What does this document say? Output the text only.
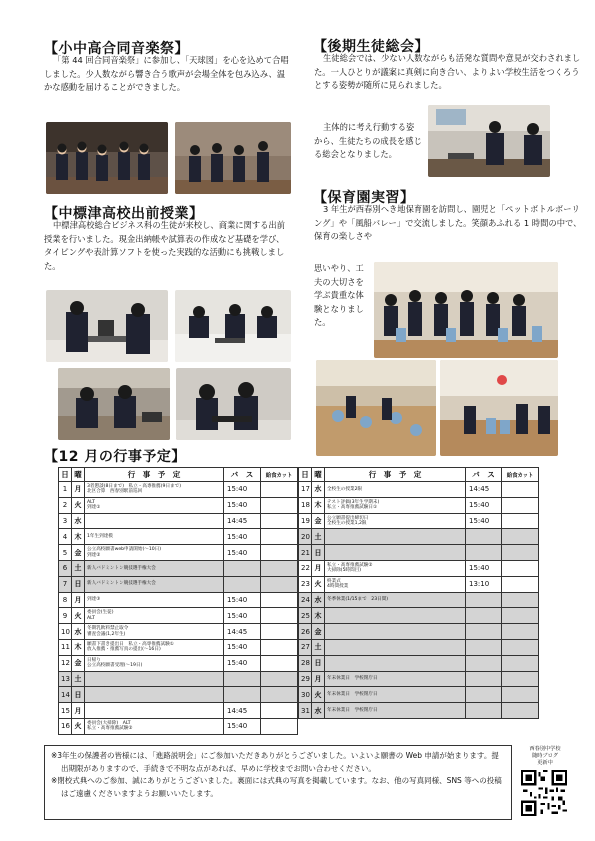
【小中高合同音楽祭】
「第 44 回合同音楽祭」に参加し、「天球図」を心を込めて合唱しました。少人数ながら響き合う歌声が会場全体を包み込み、温かな感動を届けることができました。
【中標津高校出前授業】
中標津高校総合ビジネス科の生徒が来校し、商業に関する出前授業を行いました。現金出納帳や試算表の作成など基礎を学び、タイピングや表計算ソフトを使った実践的な活動にも挑戦しました。
【後期生徒総会】
生徒総会では、少ない人数ながらも活発な質問や意見が交わされました。一人ひとりが議案に真剣に向き合い、よりよい学校生活をつくろうとする姿勢が随所に見られました。
主体的に考え行動する姿から、生徒たちの成長を感じる総会となりました。
【保育園実習】
3 年生が西春別へき地保育園を訪問し、園児と「ペットボトルボーリング」や「風船バレー」で交流しました。笑顔あふれる 1 時間の中で、保育の楽しさや
思いやり、工夫の大切さを学ぶ貴重な体験となりました。
【12 月の行事予定】
日	曜	行　事　予　定	バ　ス	給食カット
1	月	3者懇談(8日まで)　私立・高専推薦(9日まで)
北区合算　西春別駅前巡回	15:40	
2	火	ALT
到達①	15:40	
3	水		14:45	
4	木	1年生到達模	15:40	
5	金	公立高校願書web申請開始(〜10日)
到達②	15:40	
6	土	新人バドミントン競技選手権大会		
7	日	新人バドミントン競技選手権大会		
8	月	到達③	15:40	
9	火	委員会(生徒)
ALT	15:40	
10	水	冬期乳飲料禁止取令
審査会議(1,2年生)	14:45	
11	木	願書下書き提出日　私立・高専推薦試験①
放入推薦・推薦写真の提出(〜16日)	15:40	
12	金	日帰り
公立高校願書受理(〜19日)	15:40	
13	土			
14	日			
15	月		14:45	
16	火	委員会(大掃除)　ALT
私立・高専推薦試験②	15:40	
日	曜	行　事　予　定	バ　ス	給食カット
17	水	全校生の授業2限	14:45	
18	木	テスト評価(3年生学期末)
私立・高専推薦試験日①	15:40	
19	金	公立願書提出締切日
全校生の授業1,2限	15:40	
20	土			
21	日			
22	月	私立・高専推薦試験②
大掃除(5時間目)	15:40	
23	火	終業式
4時間授業	13:10	
24	水	冬季休業(1/15まで　23日間)		
25	木			
26	金			
27	土			
28	日			
29	月	年末休業日　学校閉庁日		
30	火	年末休業日　学校閉庁日		
31	水	年末休業日　学校閉庁日		

※3年生の保護者の皆様には、「進路説明会」にご参加いただきありがとうございました。いよいよ願書の Web 申請が始まります。提出期限がありますので、手続きで不明な点があれば、早めに学校までお問い合わせください。

※閉校式典へのご参加、誠にありがとうございました。裏面には式典の写真を掲載しています。なお、他の写真同様、SNS 等への投稿はご遠慮くださいますようお願いいたします。

西春別中学校
随時ブログ
更新中
